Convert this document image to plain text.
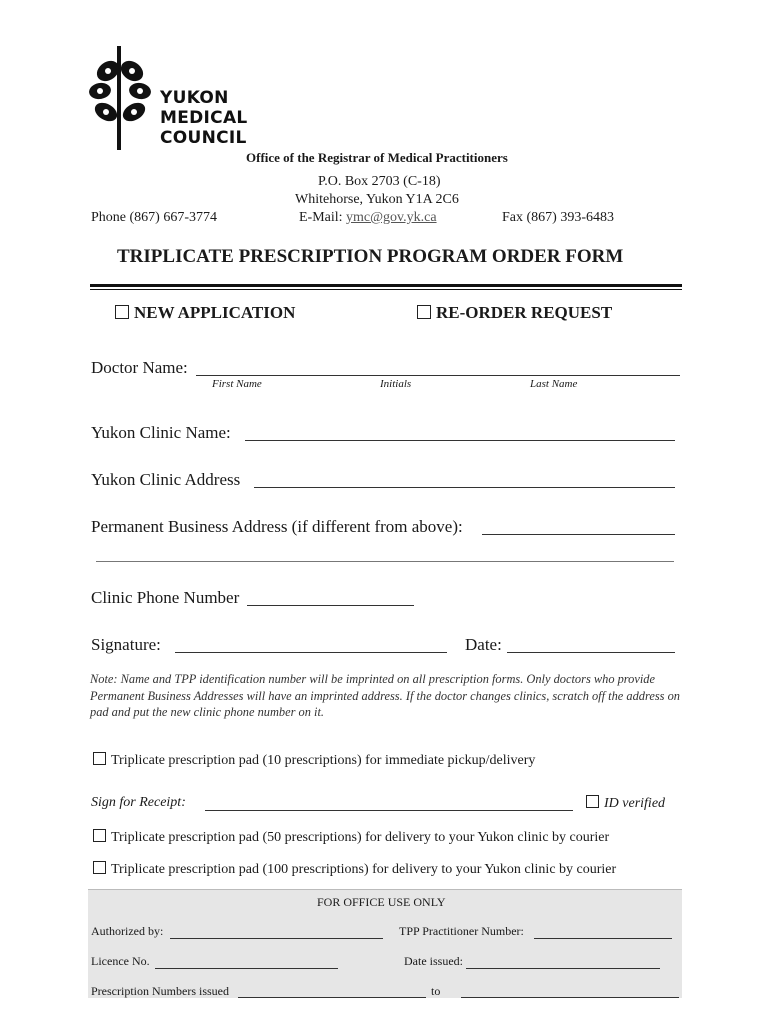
YUKON
MEDICAL
COUNCIL
Office of the Registrar of Medical Practitioners
P.O. Box 2703 (C-18)
Whitehorse, Yukon Y1A 2C6
Phone (867) 667-3774	E-Mail: ymc@gov.yk.ca	Fax (867) 393-6483
TRIPLICATE PRESCRIPTION PROGRAM ORDER FORM
NEW APPLICATION	RE-ORDER REQUEST
Doctor Name:
First Name	Initials	Last Name
Yukon Clinic Name:
Yukon Clinic Address
Permanent Business Address (if different from above):
Clinic Phone Number
Signature:	Date:
Note: Name and TPP identification number will be imprinted on all prescription forms. Only doctors who provide Permanent Business Addresses will have an imprinted address. If the doctor changes clinics, scratch off the address on pad and put the new clinic phone number on it.
Triplicate prescription pad (10 prescriptions) for immediate pickup/delivery
Sign for Receipt:	ID verified
Triplicate prescription pad (50 prescriptions) for delivery to your Yukon clinic by courier
Triplicate prescription pad (100 prescriptions) for delivery to your Yukon clinic by courier
FOR OFFICE USE ONLY
Authorized by:	TPP Practitioner Number:
Licence No.	Date issued:
Prescription Numbers issued	to
